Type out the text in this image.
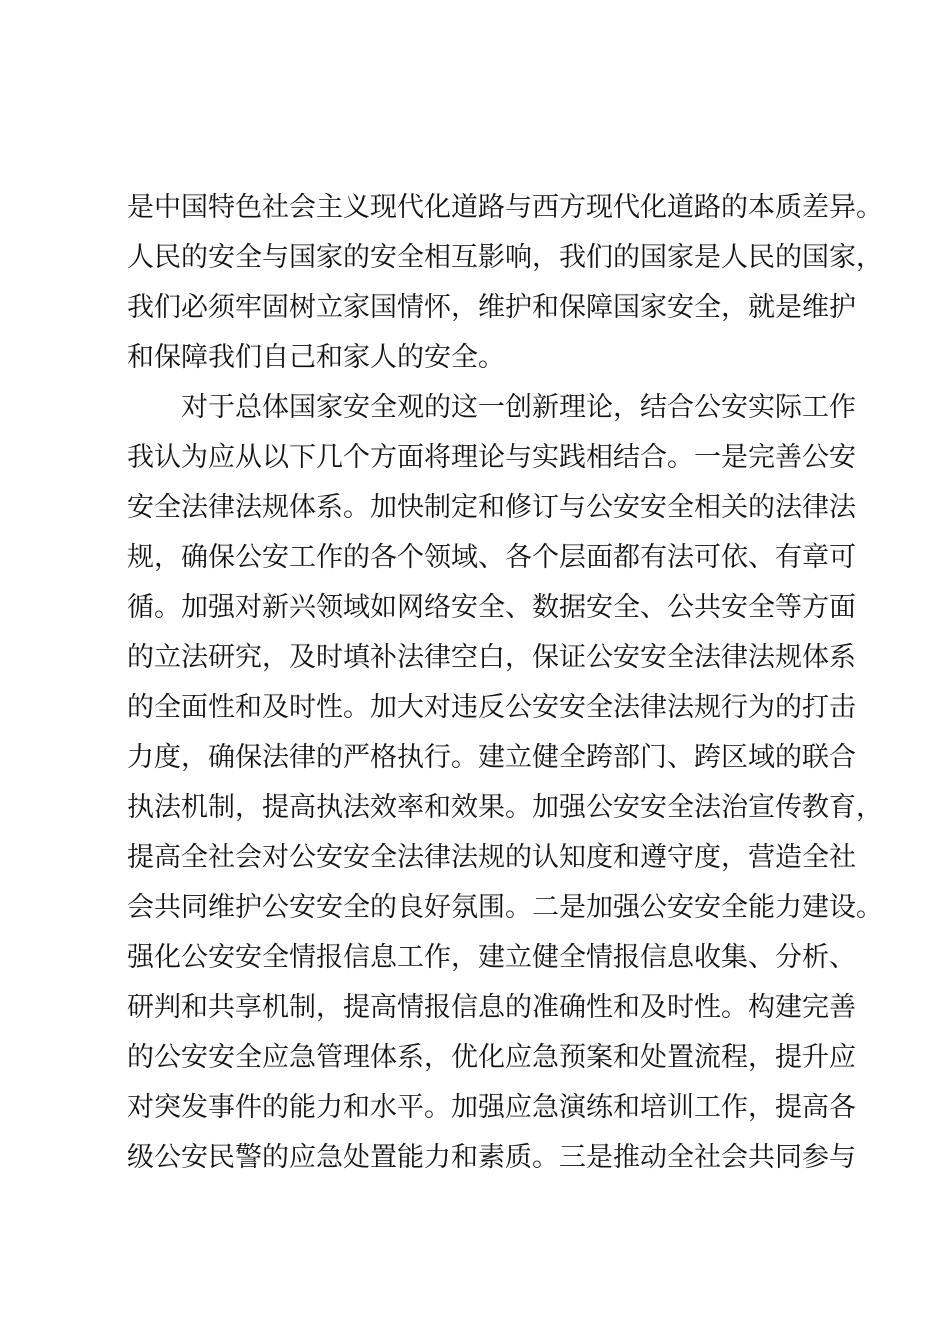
是中国特色社会主义现代化道路与西方现代化道路的本质差异。
人民的安全与国家的安全相互影响，我们的国家是人民的国家，
我们必须牢固树立家国情怀，维护和保障国家安全，就是维护
和保障我们自己和家人的安全。
对于总体国家安全观的这一创新理论，结合公安实际工作
我认为应从以下几个方面将理论与实践相结合。一是完善公安
安全法律法规体系。加快制定和修订与公安安全相关的法律法
规，确保公安工作的各个领域、各个层面都有法可依、有章可
循。加强对新兴领域如网络安全、数据安全、公共安全等方面
的立法研究，及时填补法律空白，保证公安安全法律法规体系
的全面性和及时性。加大对违反公安安全法律法规行为的打击
力度，确保法律的严格执行。建立健全跨部门、跨区域的联合
执法机制，提高执法效率和效果。加强公安安全法治宣传教育，
提高全社会对公安安全法律法规的认知度和遵守度，营造全社
会共同维护公安安全的良好氛围。二是加强公安安全能力建设。
强化公安安全情报信息工作，建立健全情报信息收集、分析、
研判和共享机制，提高情报信息的准确性和及时性。构建完善
的公安安全应急管理体系，优化应急预案和处置流程，提升应
对突发事件的能力和水平。加强应急演练和培训工作，提高各
级公安民警的应急处置能力和素质。三是推动全社会共同参与
